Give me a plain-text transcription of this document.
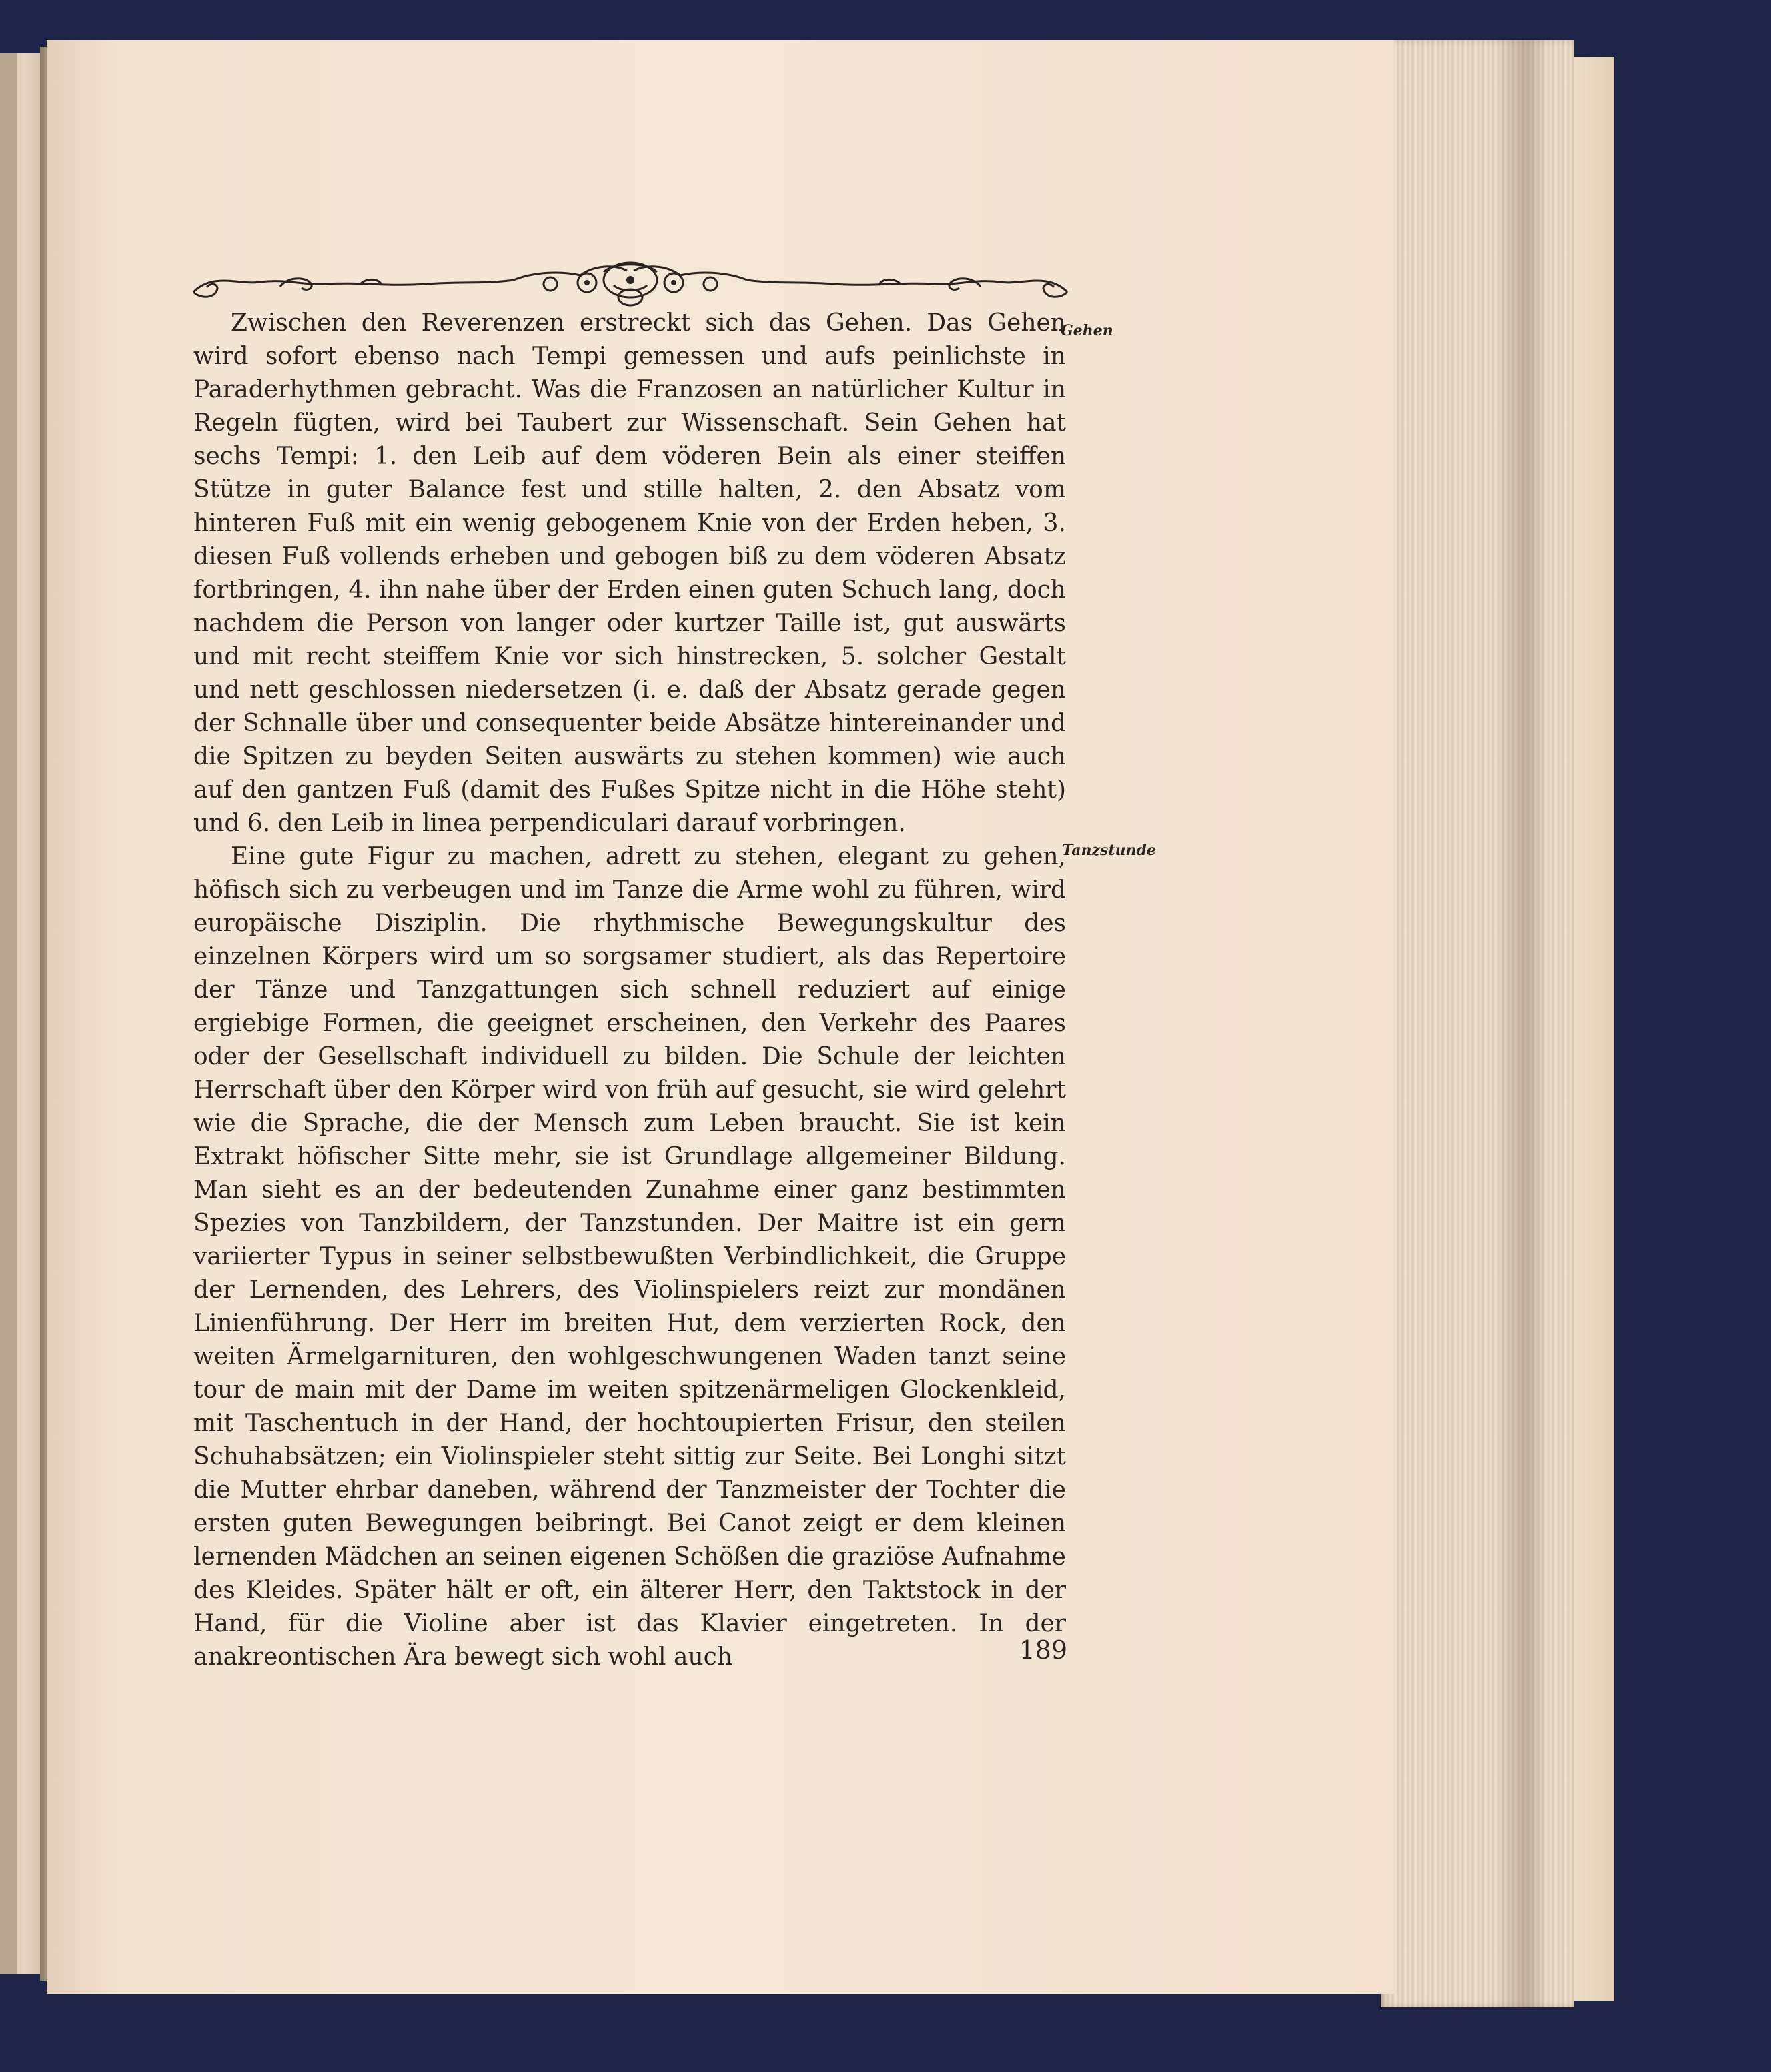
Zwischen den Reverenzen erstreckt sich das Gehen. Das Gehen wird sofort ebenso nach Tempi gemessen und aufs peinlichste in Paraderhythmen gebracht. Was die Franzosen an natürlicher Kultur in Regeln fügten, wird bei Taubert zur Wissenschaft. Sein Gehen hat sechs Tempi: 1. den Leib auf dem vöderen Bein als einer steiffen Stütze in guter Balance fest und stille halten, 2. den Absatz vom hinteren Fuß mit ein wenig gebogenem Knie von der Erden heben, 3. diesen Fuß vollends erheben und gebogen biß zu dem vöderen Absatz fortbringen, 4. ihn nahe über der Erden einen guten Schuch lang, doch nachdem die Person von langer oder kurtzer Taille ist, gut auswärts und mit recht steiffem Knie vor sich hinstrecken, 5. solcher Gestalt und nett geschlossen niedersetzen (i. e. daß der Absatz gerade gegen der Schnalle über und consequenter beide Absätze hintereinander und die Spitzen zu beyden Seiten auswärts zu stehen kommen) wie auch auf den gantzen Fuß (damit des Fußes Spitze nicht in die Höhe steht) und 6. den Leib in linea perpendiculari darauf vorbringen.

Eine gute Figur zu machen, adrett zu stehen, elegant zu gehen, höfisch sich zu verbeugen und im Tanze die Arme wohl zu führen, wird europäische Disziplin. Die rhythmische Bewegungskultur des einzelnen Körpers wird um so sorgsamer studiert, als das Repertoire der Tänze und Tanzgattungen sich schnell reduziert auf einige ergiebige Formen, die geeignet erscheinen, den Verkehr des Paares oder der Gesellschaft individuell zu bilden. Die Schule der leichten Herrschaft über den Körper wird von früh auf gesucht, sie wird gelehrt wie die Sprache, die der Mensch zum Leben braucht. Sie ist kein Extrakt höfischer Sitte mehr, sie ist Grundlage allgemeiner Bildung. Man sieht es an der bedeutenden Zunahme einer ganz bestimmten Spezies von Tanzbildern, der Tanzstunden. Der Maitre ist ein gern variierter Typus in seiner selbstbewußten Verbindlichkeit, die Gruppe der Lernenden, des Lehrers, des Violinspielers reizt zur mondänen Linienführung. Der Herr im breiten Hut, dem verzierten Rock, den weiten Ärmelgarnituren, den wohlgeschwungenen Waden tanzt seine tour de main mit der Dame im weiten spitzenärmeligen Glockenkleid, mit Taschentuch in der Hand, der hochtoupierten Frisur, den steilen Schuhabsätzen; ein Violinspieler steht sittig zur Seite. Bei Longhi sitzt die Mutter ehrbar daneben, während der Tanzmeister der Tochter die ersten guten Bewegungen beibringt. Bei Canot zeigt er dem kleinen lernenden Mädchen an seinen eigenen Schößen die graziöse Aufnahme des Kleides. Später hält er oft, ein älterer Herr, den Taktstock in der Hand, für die Violine aber ist das Klavier eingetreten. In der anakreontischen Ära bewegt sich wohl auch

Gehen
Tanzstunde
189
